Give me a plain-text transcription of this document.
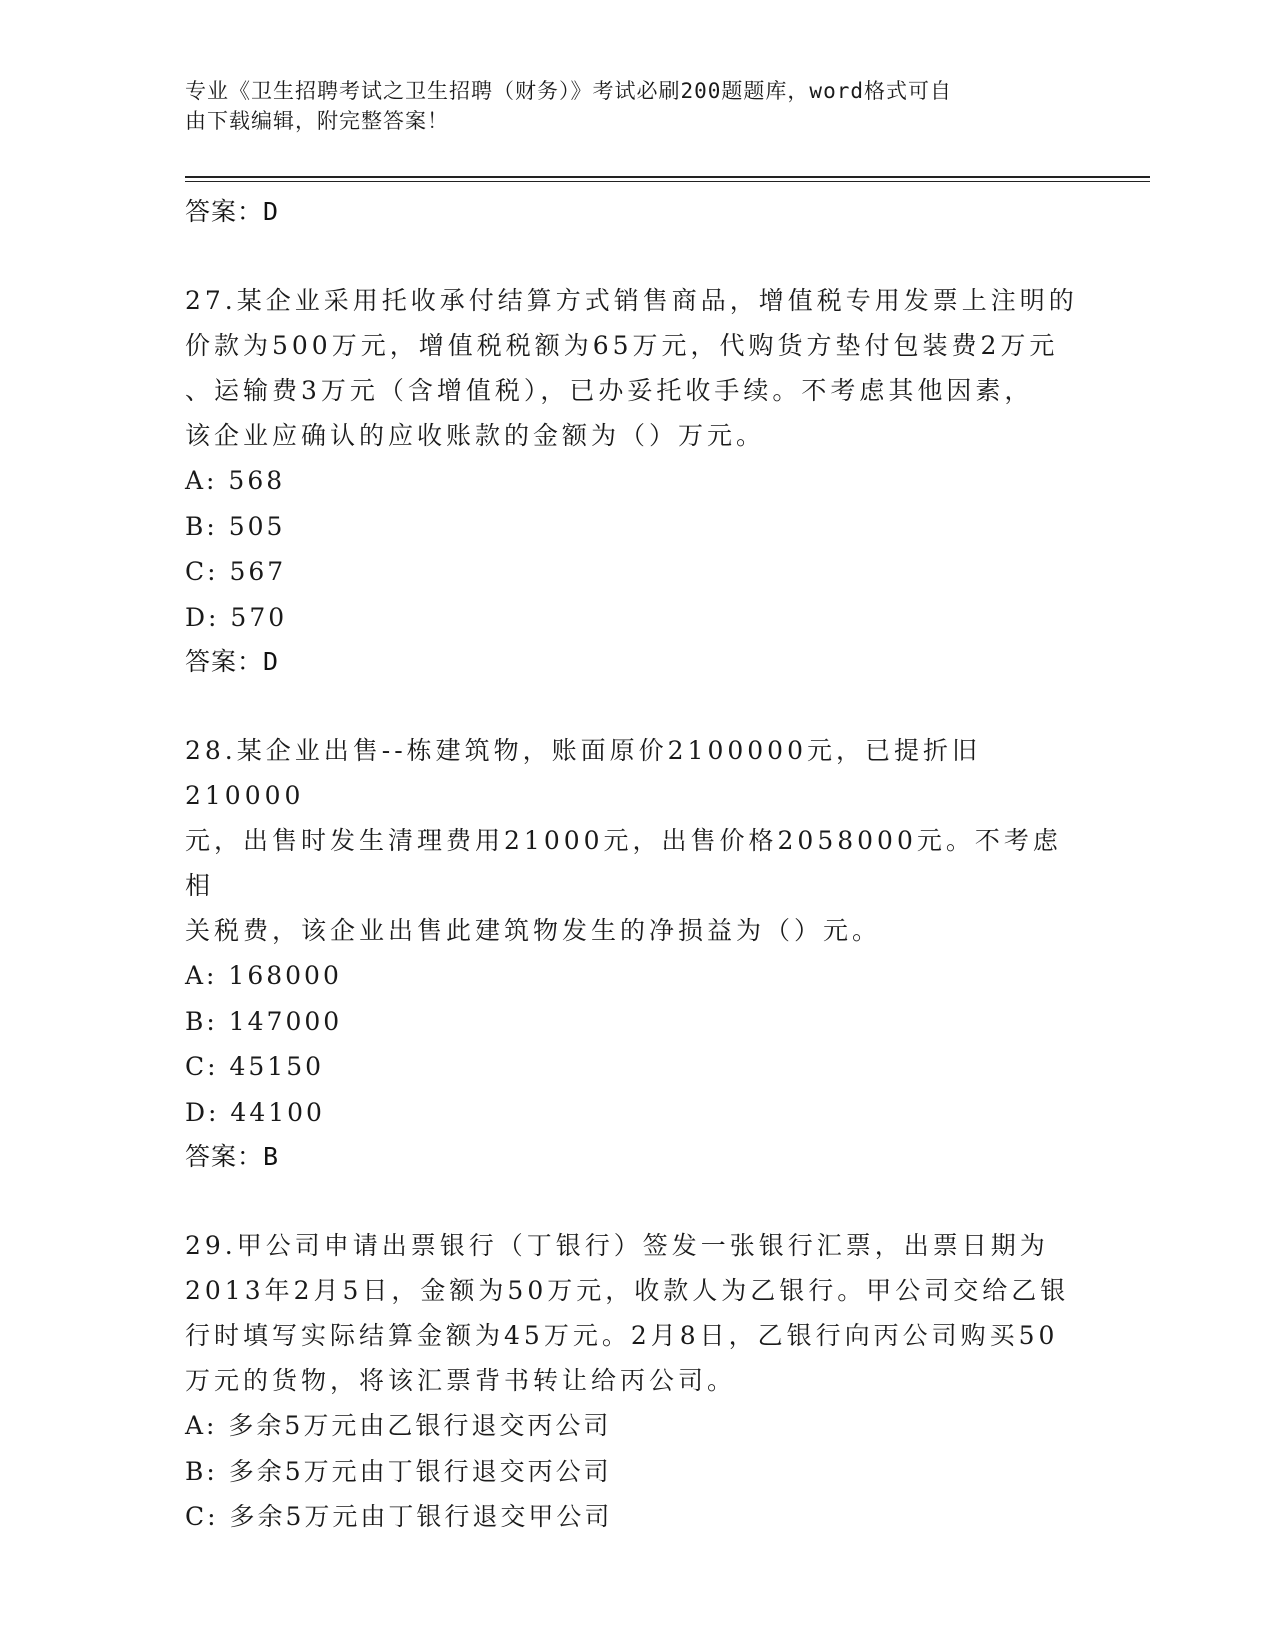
专业《卫生招聘考试之卫生招聘（财务）》考试必刷200题题库，word格式可自
由下载编辑，附完整答案！
答案：D
27.某企业采用托收承付结算方式销售商品，增值税专用发票上注明的
价款为500万元，增值税税额为65万元，代购货方垫付包装费2万元
、运输费3万元（含增值税），已办妥托收手续。不考虑其他因素，
该企业应确认的应收账款的金额为（）万元。
A: 568
B: 505
C: 567
D: 570
答案：D
28.某企业出售--栋建筑物，账面原价2100000元，已提折旧210000
元，出售时发生清理费用21000元，出售价格2058000元。不考虑相
关税费，该企业出售此建筑物发生的净损益为（）元。
A: 168000
B: 147000
C: 45150
D: 44100
答案：B
29.甲公司申请出票银行（丁银行）签发一张银行汇票，出票日期为
2013年2月5日，金额为50万元，收款人为乙银行。甲公司交给乙银
行时填写实际结算金额为45万元。2月8日，乙银行向丙公司购买50
万元的货物，将该汇票背书转让给丙公司。
A: 多余5万元由乙银行退交丙公司
B: 多余5万元由丁银行退交丙公司
C: 多余5万元由丁银行退交甲公司
